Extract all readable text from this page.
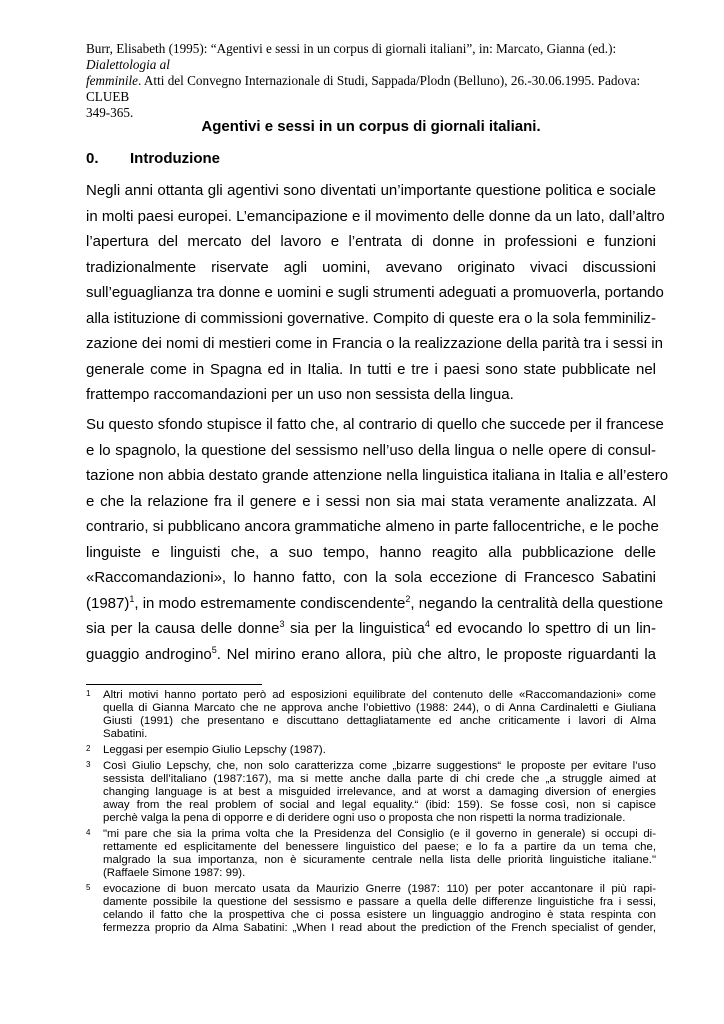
Burr, Elisabeth (1995): “Agentivi e sessi in un corpus di giornali italiani”, in: Marcato, Gianna (ed.): Dialettologia al
femminile. Atti del Convegno Internazionale di Studi, Sappada/Plodn (Belluno), 26.-30.06.1995. Padova: CLUEB
349-365.
Agentivi e sessi in un corpus di giornali italiani.
0. Introduzione
Negli anni ottanta gli agentivi sono diventati un’importante questione politica e sociale
in molti paesi europei. L’emancipazione e il movimento delle donne da un lato, dall’altro
l’apertura del mercato del lavoro e l’entrata di donne in professioni e funzioni
tradizionalmente riservate agli uomini, avevano originato vivaci discussioni
sull’eguaglianza tra donne e uomini e sugli strumenti adeguati a promuoverla, portando
alla istituzione di commissioni governative. Compito di queste era o la sola femminiliz-
zazione dei nomi di mestieri come in Francia o la realizzazione della parità tra i sessi in
generale come in Spagna ed in Italia. In tutti e tre i paesi sono state pubblicate nel
frattempo raccomandazioni per un uso non sessista della lingua.
Su questo sfondo stupisce il fatto che, al contrario di quello che succede per il francese
e lo spagnolo, la questione del sessismo nell’uso della lingua o nelle opere di consul-
tazione non abbia destato grande attenzione nella linguistica italiana in Italia e all’estero
e che la relazione fra il genere e i sessi non sia mai stata veramente analizzata. Al
contrario, si pubblicano ancora grammatiche almeno in parte fallocentriche, e le poche
linguiste e linguisti che, a suo tempo, hanno reagito alla pubblicazione delle
«Raccomandazioni», lo hanno fatto, con la sola eccezione di Francesco Sabatini
$(1987)^1$, in modo estremamente condiscendente$^2$, negando la centralità della questione
sia per la causa delle donne$^3$ sia per la linguistica$^4$ ed evocando lo spettro di un lin-
guaggio androgino$^5$. Nel mirino erano allora, più che altro, le proposte riguardanti la
1 Altri motivi hanno portato però ad esposizioni equilibrate del contenuto delle «Raccomandazioni» come
quella di Gianna Marcato che ne approva anche l’obiettivo (1988: 244), o di Anna Cardinaletti e Giuliana
Giusti (1991) che presentano e discuttano dettagliatamente ed anche criticamente i lavori di Alma
Sabatini.
2 Leggasi per esempio Giulio Lepschy (1987).
3 Così Giulio Lepschy, che, non solo caratterizza come „bizarre suggestions“ le proposte per evitare l’uso
sessista dell’italiano (1987:167), ma si mette anche dalla parte di chi crede che „a struggle aimed at
changing language is at best a misguided irrelevance, and at worst a damaging diversion of energies
away from the real problem of social and legal equality.“ (ibid: 159). Se fosse così, non si capisce
perchè valga la pena di opporre e di deridere ogni uso o proposta che non rispetti la norma tradizionale.
4 "mi pare che sia la prima volta che la Presidenza del Consiglio (e il governo in generale) si occupi di-
rettamente ed esplicitamente del benessere linguistico del paese; e lo fa a partire da un tema che,
malgrado la sua importanza, non è sicuramente centrale nella lista delle priorità linguistiche italiane."
(Raffaele Simone 1987: 99).
5 evocazione di buon mercato usata da Maurizio Gnerre (1987: 110) per poter accantonare il più rapi-
damente possibile la questione del sessismo e passare a quella delle differenze linguistiche fra i sessi,
celando il fatto che la prospettiva che ci possa esistere un linguaggio androgino è stata respinta con
fermezza proprio da Alma Sabatini: „When I read about the prediction of the French specialist of gender,
